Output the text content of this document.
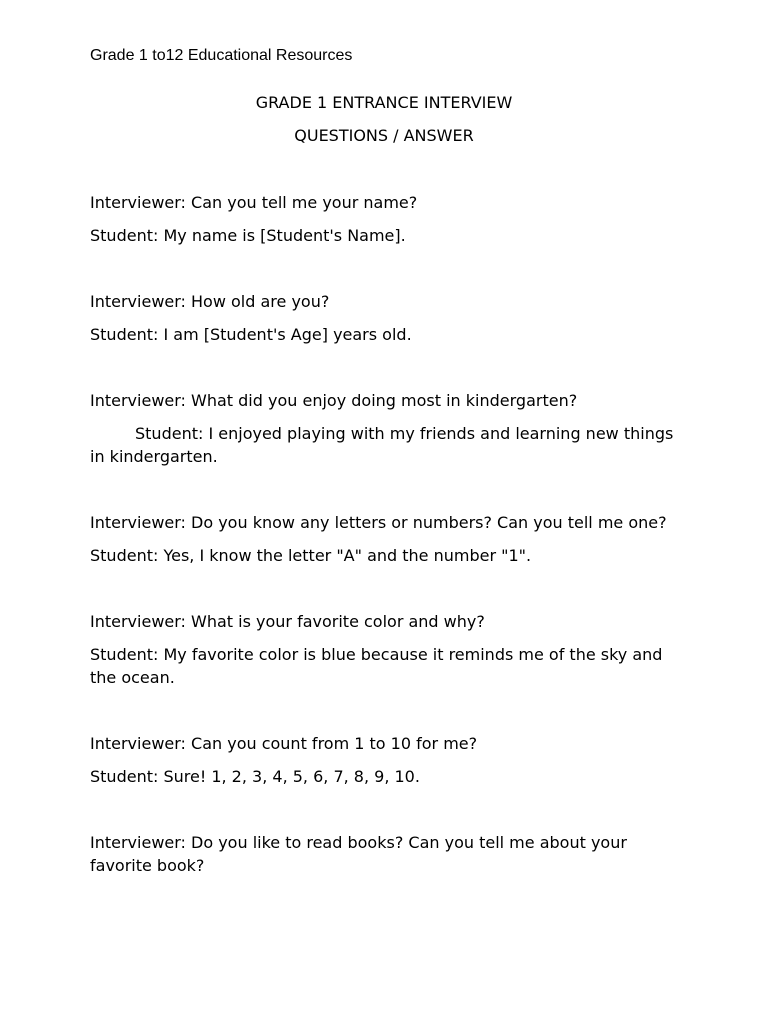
Grade 1 to12 Educational Resources
GRADE 1 ENTRANCE INTERVIEW
QUESTIONS / ANSWER

Interviewer: Can you tell me your name?

Student: My name is [Student's Name].

Interviewer: How old are you?

Student: I am [Student's Age] years old.

Interviewer: What did you enjoy doing most in kindergarten?

Student: I enjoyed playing with my friends and learning new things in kindergarten.

Interviewer: Do you know any letters or numbers? Can you tell me one?

Student: Yes, I know the letter "A" and the number "1".

Interviewer: What is your favorite color and why?

Student: My favorite color is blue because it reminds me of the sky and the ocean.

Interviewer: Can you count from 1 to 10 for me?

Student: Sure! 1, 2, 3, 4, 5, 6, 7, 8, 9, 10.

Interviewer: Do you like to read books? Can you tell me about your favorite book?
